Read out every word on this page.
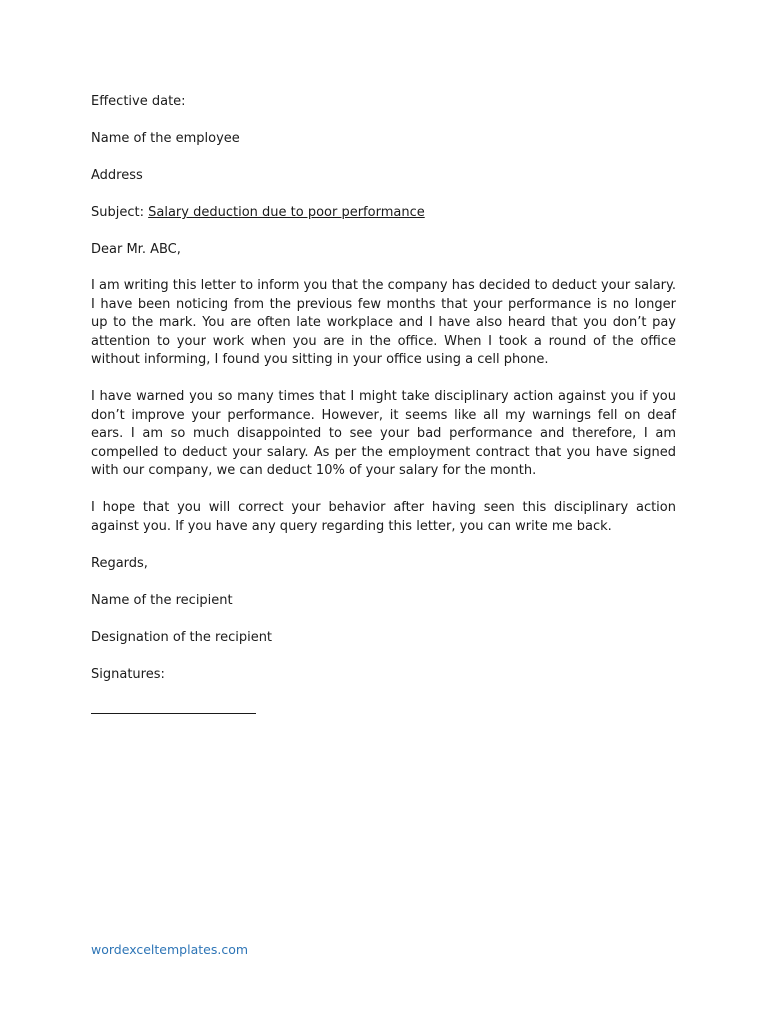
Effective date:
Name of the employee
Address
Subject: Salary deduction due to poor performance
Dear Mr. ABC,

I am writing this letter to inform you that the company has decided to deduct your salary. I have been noticing from the previous few months that your performance is no longer up to the mark. You are often late workplace and I have also heard that you don’t pay attention to your work when you are in the office. When I took a round of the office without informing, I found you sitting in your office using a cell phone.

I have warned you so many times that I might take disciplinary action against you if you don’t improve your performance. However, it seems like all my warnings fell on deaf ears. I am so much disappointed to see your bad performance and therefore, I am compelled to deduct your salary. As per the employment contract that you have signed with our company, we can deduct 10% of your salary for the month.

I hope that you will correct your behavior after having seen this disciplinary action against you. If you have any query regarding this letter, you can write me back.

Regards,
Name of the recipient
Designation of the recipient
Signatures:
wordexceltemplates.com
